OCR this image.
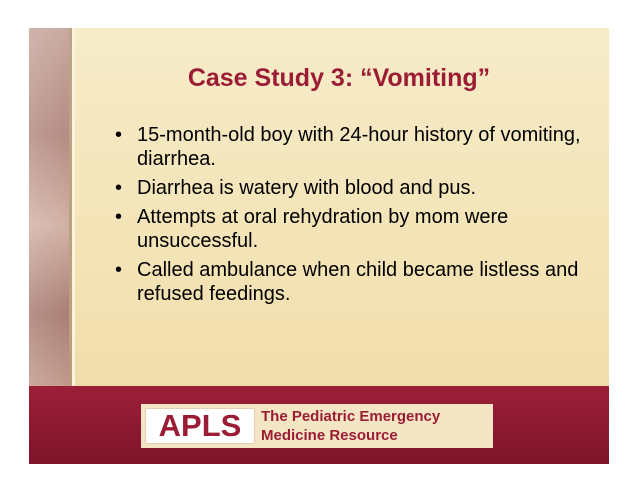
Case Study 3: “Vomiting”
• 15-month-old boy with 24-hour history of vomiting, diarrhea.
• Diarrhea is watery with blood and pus.
• Attempts at oral rehydration by mom were unsuccessful.
• Called ambulance when child became listless and refused feedings.
APLS	The Pediatric Emergency
Medicine Resource
